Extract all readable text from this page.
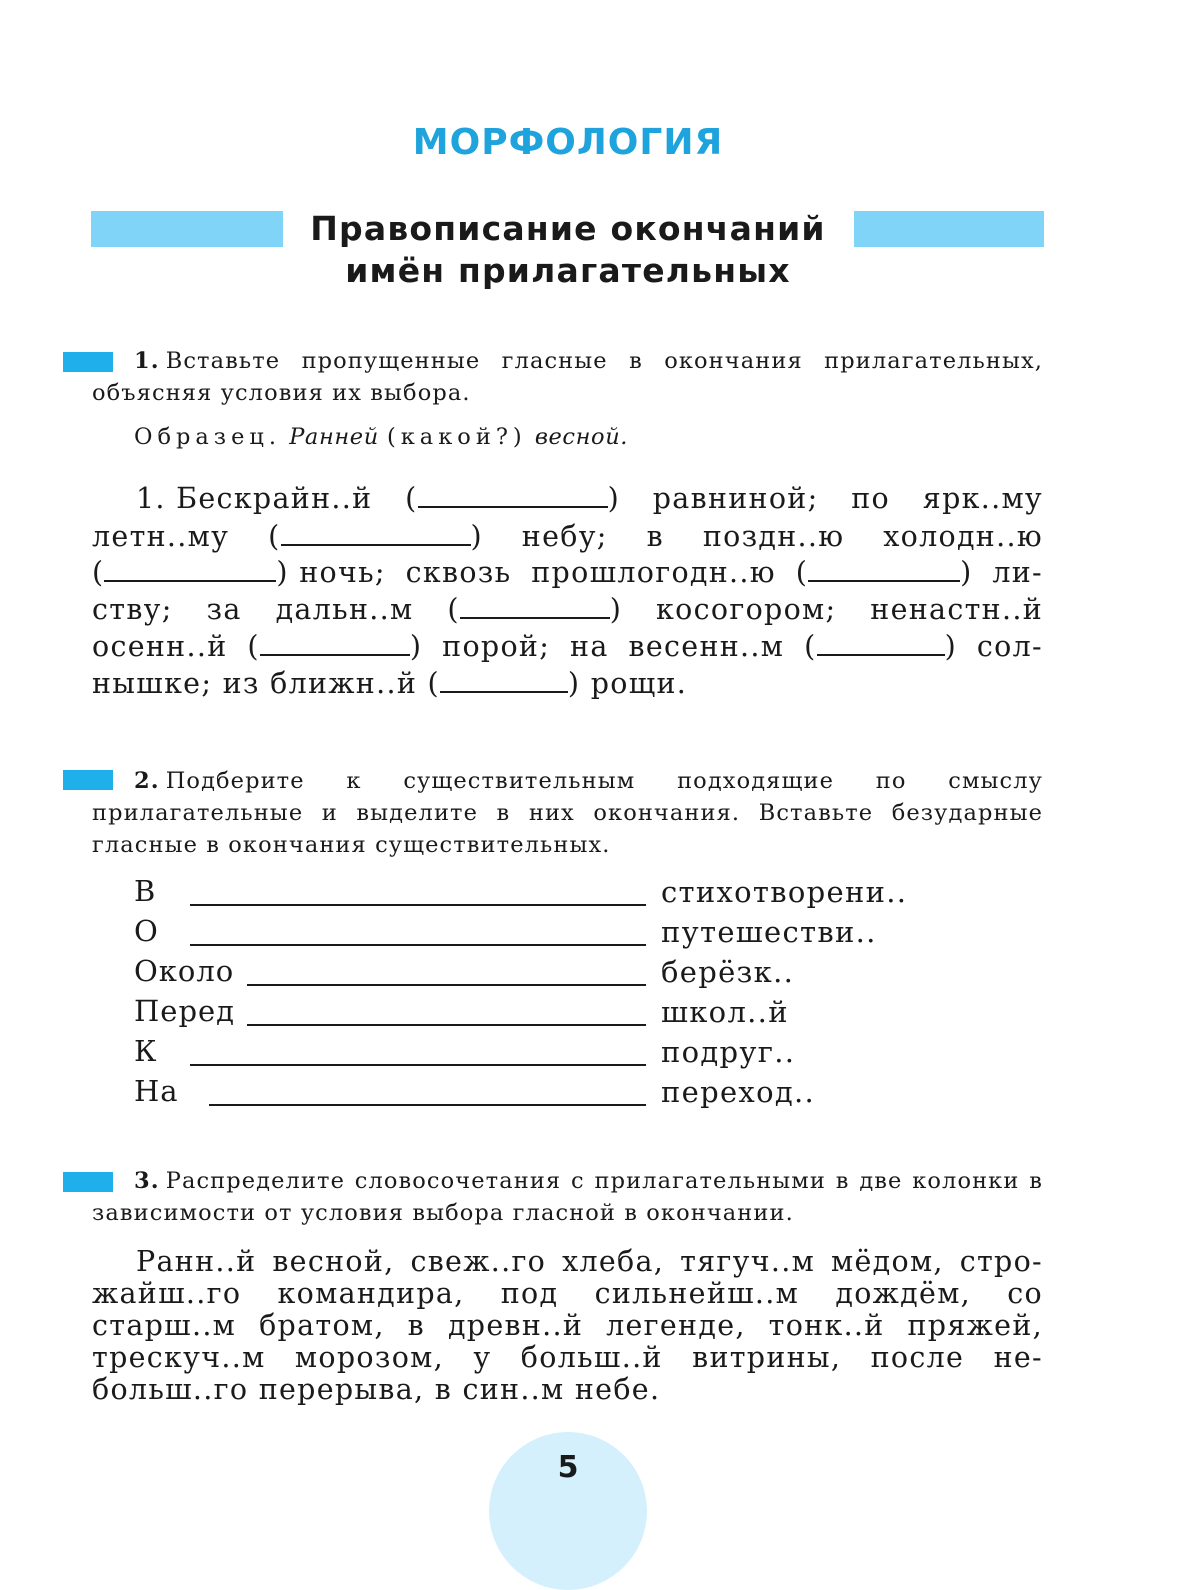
МОРФОЛОГИЯ
Правописание окончаний
имён прилагательных
1. Вставьте пропущенные гласные в окончания прилагательных, объясняя условия их выбора.
Образец. Ранней (какой?) весной.
1. Бескрайн..й (	) равниной; по ярк..му
летн..му (	) небу; в поздн..ю холодн..ю
(	) ночь; сквозь прошлогодн..ю (	) ли-
ству; за дальн..м (	) косогором; ненастн..й
осенн..й (	) порой; на весенн..м (	) сол-
нышке; из ближн..й (	) рощи.
2. Подберите к существительным подходящие по смыслу прилагательные и выделите в них окончания. Вставьте безударные гласные в окончания существительных.
В	стихотворени..
О	путешестви..
Около	берёзк..
Перед	школ..й
К	подруг..
На	переход..
3. Распределите словосочетания с прилагательными в две колонки в зависимости от условия выбора гласной в окончании.
Ранн..й весной, свеж..го хлеба, тягуч..м мёдом, стро-
жайш..го командира, под сильнейш..м дождём, со
старш..м братом, в древн..й легенде, тонк..й пряжей,
трескуч..м морозом, у больш..й витрины, после не-
больш..го перерыва, в син..м небе.
5
